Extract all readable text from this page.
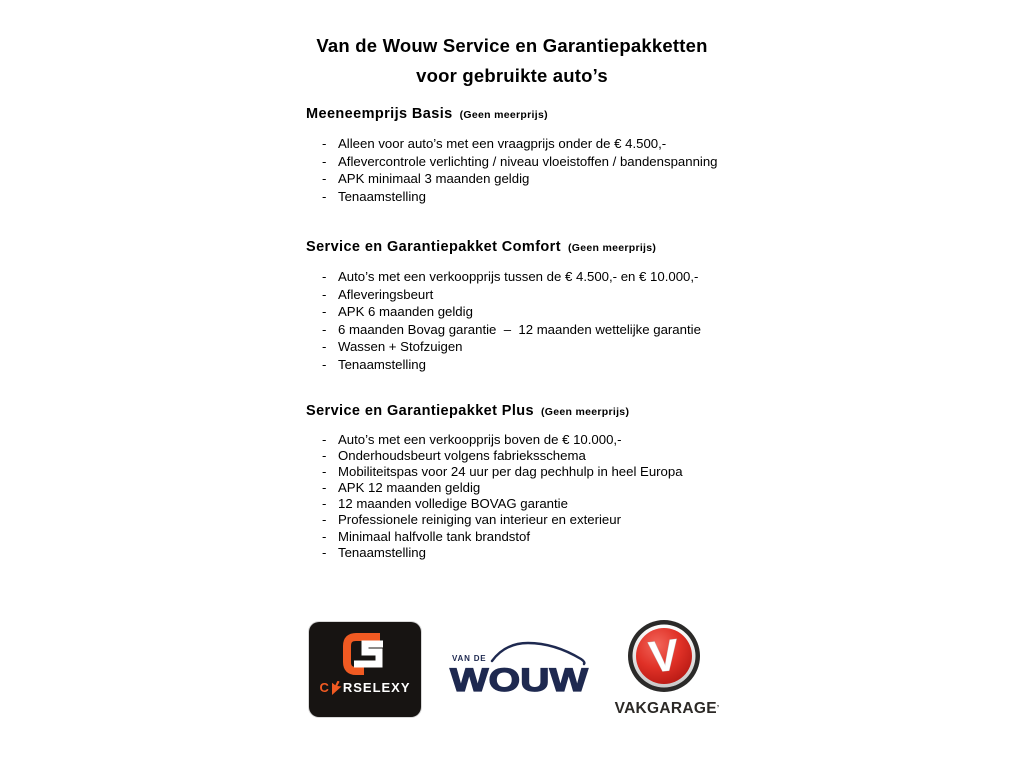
Van de Wouw Service en Garantiepakketten
voor gebruikte auto’s
Meeneemprijs Basis (Geen meerprijs)
- Alleen voor auto’s met een vraagprijs onder de € 4.500,-
- Aflevercontrole verlichting / niveau vloeistoffen / bandenspanning
- APK minimaal 3 maanden geldig
- Tenaamstelling
Service en Garantiepakket Comfort (Geen meerprijs)
- Auto’s met een verkoopprijs tussen de € 4.500,- en € 10.000,-
- Afleveringsbeurt
- APK 6 maanden geldig
- 6 maanden Bovag garantie  –  12 maanden wettelijke garantie
- Wassen + Stofzuigen
- Tenaamstelling
Service en Garantiepakket Plus (Geen meerprijs)
- Auto’s met een verkoopprijs boven de € 10.000,-
- Onderhoudsbeurt volgens fabrieksschema
- Mobiliteitspas voor 24 uur per dag pechhulp in heel Europa
- APK 12 maanden geldig
- 12 maanden volledige BOVAG garantie
- Professionele reiniging van interieur en exterieur
- Minimaal halfvolle tank brandstof
- Tenaamstelling
C RSELEXY
VAN DE
WOUW V
VAKGARAGE’
